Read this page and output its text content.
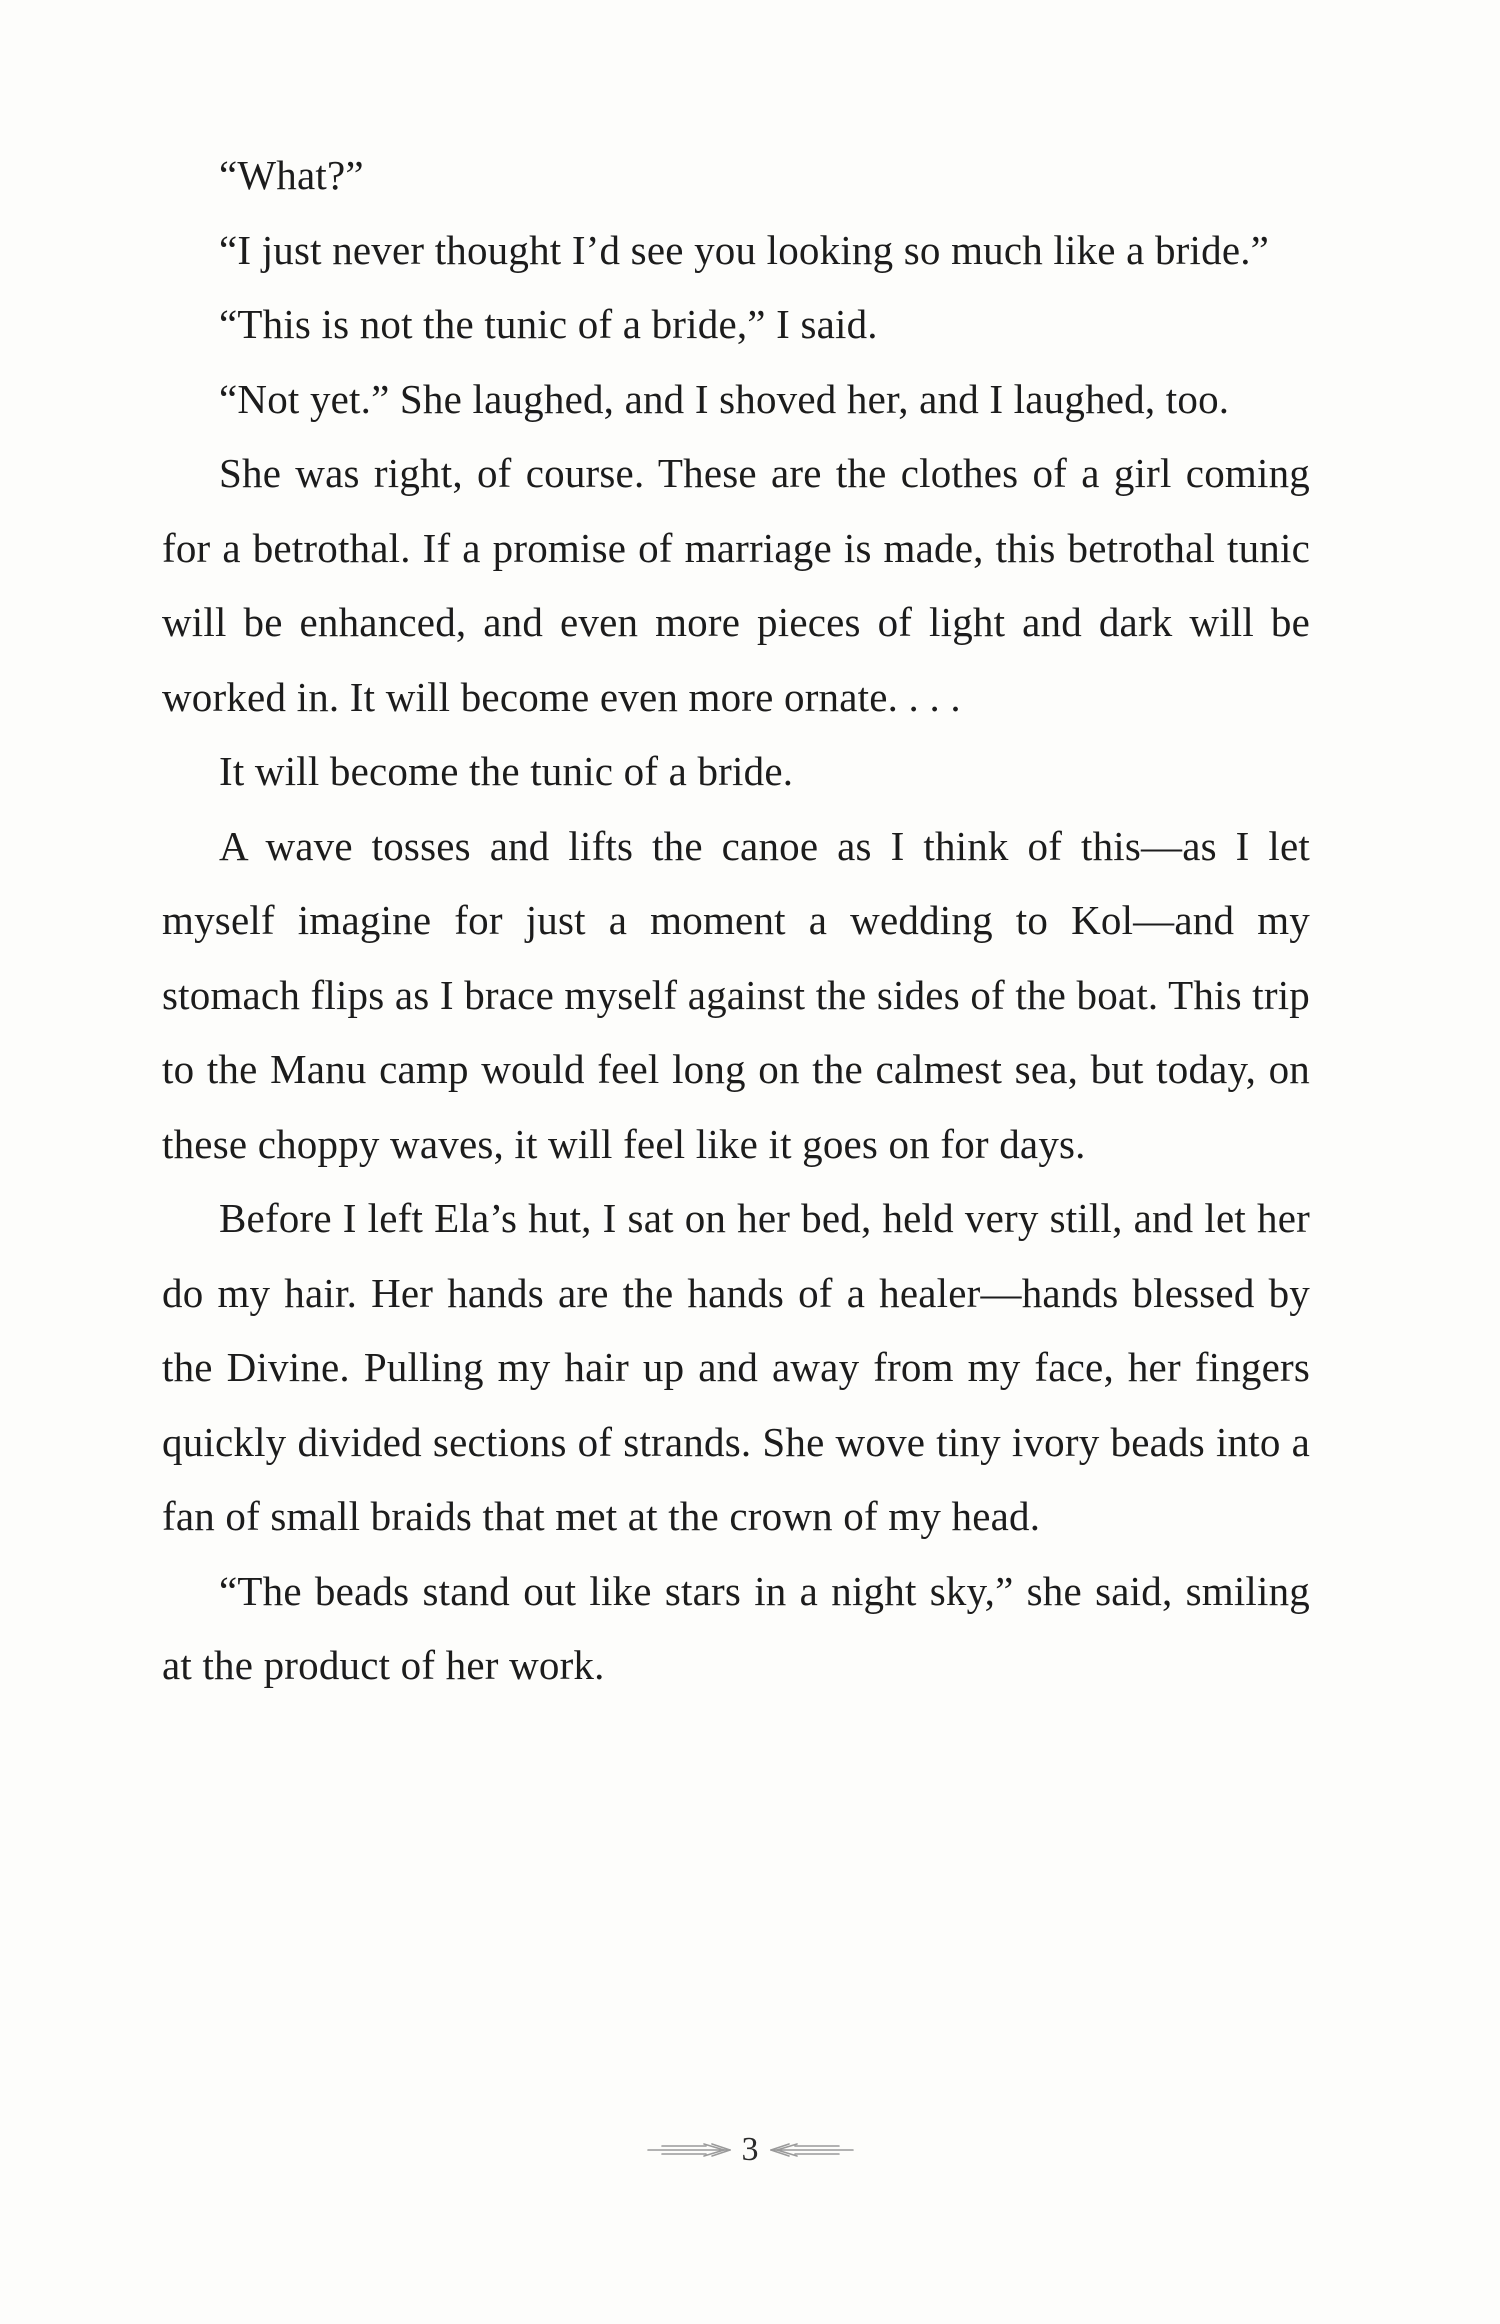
“What?”

“I just never thought I’d see you looking so much like a bride.”

“This is not the tunic of a bride,” I said.

“Not yet.” She laughed, and I shoved her, and I laughed, too.

She was right, of course. These are the clothes of a girl coming for a betrothal. If a promise of marriage is made, this betrothal tunic will be enhanced, and even more pieces of light and dark will be worked in. It will become even more ornate. . . .

It will become the tunic of a bride.

A wave tosses and lifts the canoe as I think of this—as I let myself imagine for just a moment a wedding to Kol—and my stomach flips as I brace myself against the sides of the boat. This trip to the Manu camp would feel long on the calmest sea, but today, on these choppy waves, it will feel like it goes on for days.

Before I left Ela’s hut, I sat on her bed, held very still, and let her do my hair. Her hands are the hands of a healer—hands blessed by the Divine. Pulling my hair up and away from my face, her fingers quickly divided sections of strands. She wove tiny ivory beads into a fan of small braids that met at the crown of my head.

“The beads stand out like stars in a night sky,” she said, smiling at the product of her work.

3
